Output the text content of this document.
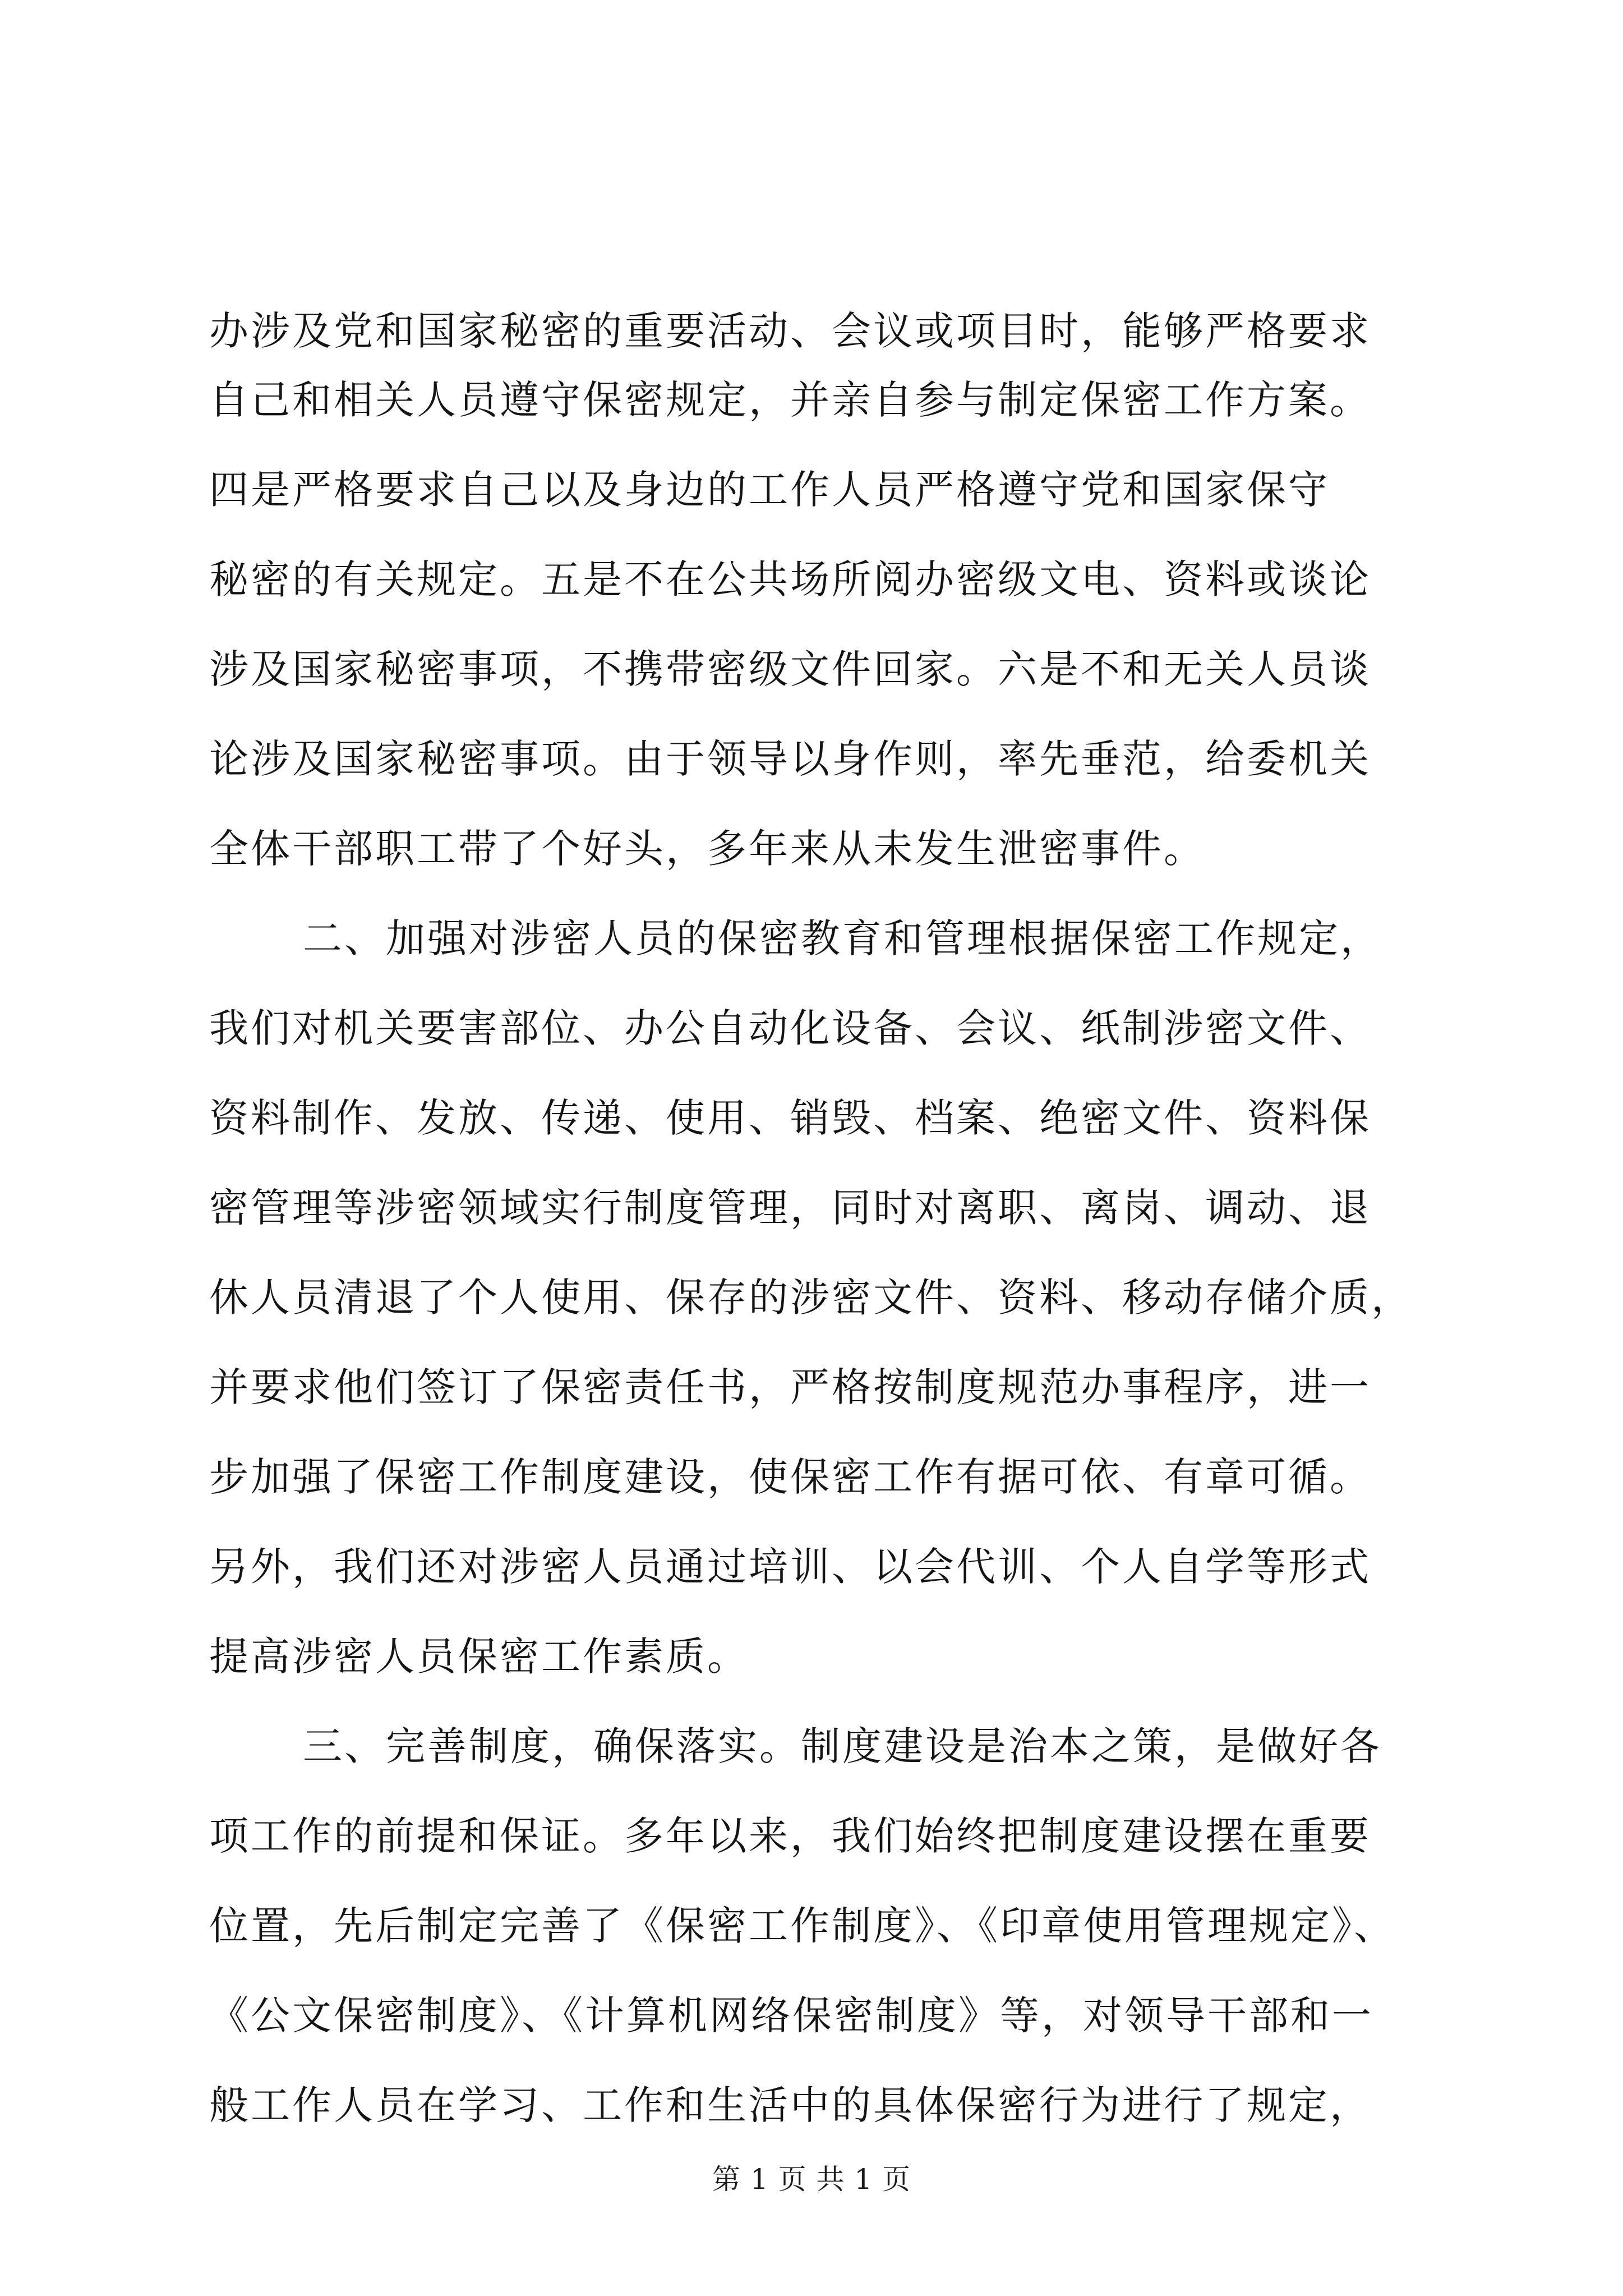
办涉及党和国家秘密的重要活动、会议或项目时，能够严格要求
自己和相关人员遵守保密规定，并亲自参与制定保密工作方案。
四是严格要求自己以及身边的工作人员严格遵守党和国家保守
秘密的有关规定。五是不在公共场所阅办密级文电、资料或谈论
涉及国家秘密事项，不携带密级文件回家。六是不和无关人员谈
论涉及国家秘密事项。由于领导以身作则，率先垂范，给委机关
全体干部职工带了个好头，多年来从未发生泄密事件。
二、加强对涉密人员的保密教育和管理根据保密工作规定，
我们对机关要害部位、办公自动化设备、会议、纸制涉密文件、
资料制作、发放、传递、使用、销毁、档案、绝密文件、资料保
密管理等涉密领域实行制度管理，同时对离职、离岗、调动、退
休人员清退了个人使用、保存的涉密文件、资料、移动存储介质，
并要求他们签订了保密责任书，严格按制度规范办事程序，进一
步加强了保密工作制度建设，使保密工作有据可依、有章可循。
另外，我们还对涉密人员通过培训、以会代训、个人自学等形式
提高涉密人员保密工作素质。
三、完善制度，确保落实。制度建设是治本之策，是做好各
项工作的前提和保证。多年以来，我们始终把制度建设摆在重要
位置，先后制定完善了《保密工作制度》、《印章使用管理规定》、
《公文保密制度》、《计算机网络保密制度》等，对领导干部和一
般工作人员在学习、工作和生活中的具体保密行为进行了规定，
第 1 页 共 1 页
